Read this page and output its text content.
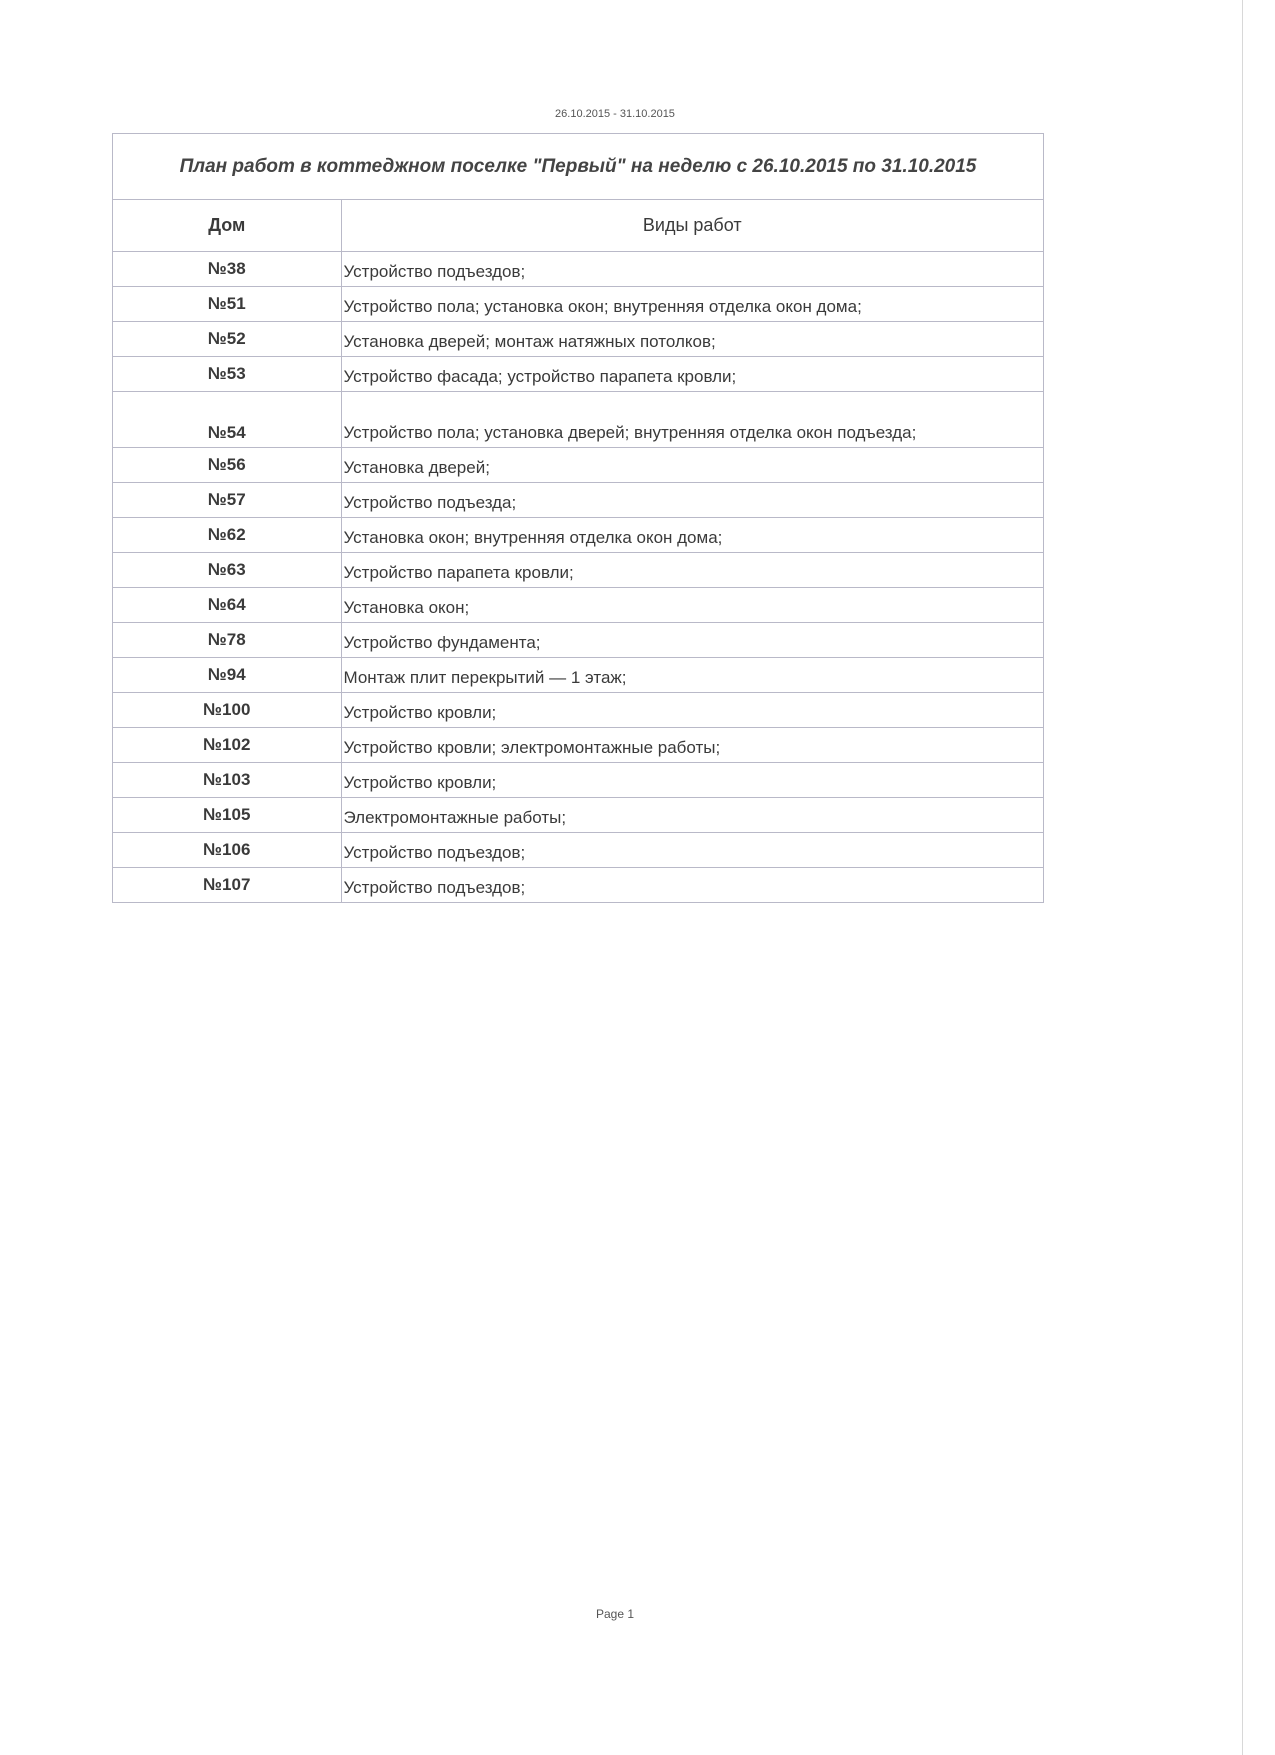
26.10.2015 - 31.10.2015
План работ в коттеджном поселке "Первый" на неделю с 26.10.2015 по 31.10.2015
Дом	Виды работ
№38	Устройство подъездов;
№51	Устройство пола; установка окон; внутренняя отделка окон дома;
№52	Установка дверей; монтаж натяжных потолков;
№53	Устройство фасада; устройство парапета кровли;
№54	Устройство пола; установка дверей; внутренняя отделка окон подъезда;
№56	Установка дверей;
№57	Устройство подъезда;
№62	Установка окон; внутренняя отделка окон дома;
№63	Устройство парапета кровли;
№64	Установка окон;
№78	Устройство фундамента;
№94	Монтаж плит перекрытий — 1 этаж;
№100	Устройство кровли;
№102	Устройство кровли; электромонтажные работы;
№103	Устройство кровли;
№105	Электромонтажные работы;
№106	Устройство подъездов;
№107	Устройство подъездов;
Page 1
